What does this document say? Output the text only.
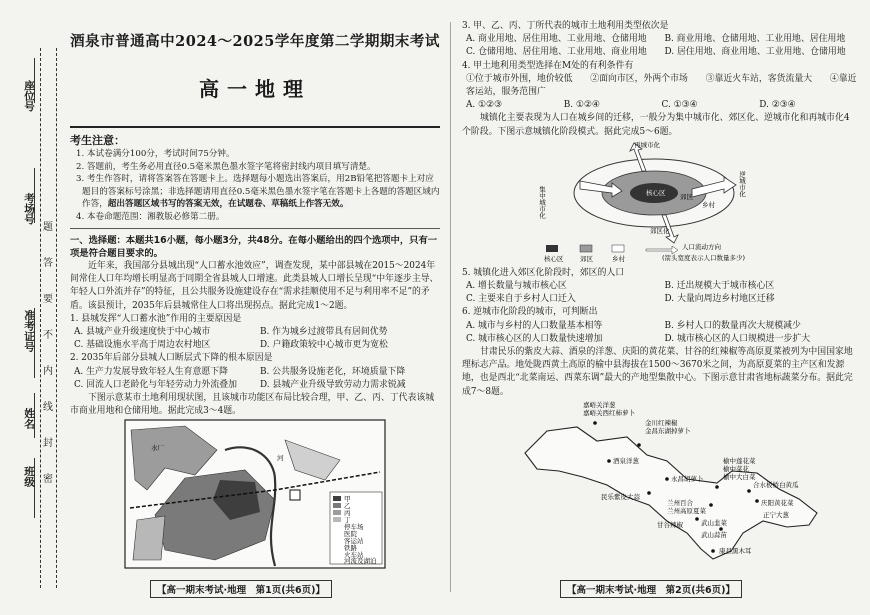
座位号
考场号
准考证号
姓名
班级
题
答
要
不
内
线
封
密
酒泉市普通高中2024～2025学年度第二学期期末考试
高一地理
考生注意：
1. 本试卷满分100分，考试时间75分钟。
2. 答题前，考生务必用直径0.5毫米黑色墨水签字笔将密封线内项目填写清楚。
3. 考生作答时，请将答案答在答题卡上。选择题每小题选出答案后，用2B铅笔把答题卡上对应题目的答案标号涂黑；非选择题请用直径0.5毫米黑色墨水签字笔在答题卡上各题的答题区域内作答，超出答题区域书写的答案无效，在试题卷、草稿纸上作答无效。
4. 本卷命题范围：湘教版必修第二册。
一、选择题：本题共16小题，每小题3分，共48分。在每小题给出的四个选项中，只有一项是符合题目要求的。
近年来，我国部分县城出现“人口蓄水池效应”，调查发现，某中部县城在2015～2024年间常住人口年均增长明显高于同期全省县城人口增速。此类县城人口增长呈现“中年逐步主导、年轻人口外流并存”的特征，且公共服务设施建设存在“需求挂顺使用不足与利用率不足”的矛盾。该县预计，2035年后县城常住人口将出现拐点。据此完成1～2题。
1. 县城发挥“人口蓄水池”作用的主要原因是
A. 县城产业升级速度快于中心城市	B. 作为城乡过渡带具有居间优势
C. 基础设施水平高于周边农村地区	D. 户籍政策较中心城市更为宽松
2. 2035年后部分县城人口断层式下降的根本原因是
A. 生产力发展导致年轻人生育意愿下降	B. 公共服务设施老化，环境质量下降
C. 回流人口老龄化与年轻劳动力外流叠加	D. 县城产业升级导致劳动力需求锐减
下图示意某市土地利用现状图，且该城市功能区布局比较合理，甲、乙、丙、丁代表该城市商业用地和仓储用地。据此完成3～4题。
水厂
河
甲
乙
丙
丁
停车场
医院
客运站
铁路
火车站
河流及湖泊
【高一期末考试·地理　第1页(共6页)】
3. 甲、乙、丙、丁所代表的城市土地利用类型依次是
A. 商业用地、居住用地、工业用地、仓储用地	B. 商业用地、仓储用地、工业用地、居住用地
C. 仓储用地、居住用地、工业用地、商业用地	D. 居住用地、商业用地、工业用地、仓储用地
4. 甲土地利用类型选择在M处的有利条件有
①位于城市外围，地价较低　　②面向市区，外两个市场　　③靠近火车站，客货流量大　　④靠近客运站，服务范围广
A. ①②③	B. ①②④	C. ①③④	D. ②③④
城镇化主要表现为人口在城乡间的迁移，一般分为集中城市化、郊区化、逆城市化和再城市化4个阶段。下图示意城镇化阶段模式。据此完成5～6题。
再城市化
集中城市化
逆城市化
郊区化
核心区 郊区
乡村
核心区	郊区	乡村
人口流动方向
(箭头宽度表示人口数量多少)
5. 城镇化进入郊区化阶段时，郊区的人口
A. 增长数量与城市核心区	B. 迁出规模大于城市核心区
C. 主要来自于乡村人口迁入	D. 大量向周边乡村地区迁移
6. 逆城市化阶段的城市，可判断出
A. 城市与乡村的人口数量基本相等	B. 乡村人口的数量再次大规模减少
C. 城市核心区的人口数量快速增加	D. 城市核心区的人口规模进一步扩大
甘肃民乐的紫皮大蒜、酒泉的洋葱、庆阳的黄花菜、甘谷的红辣椒等高原夏菜被列为中国国家地理标志产品。地处陇西黄土高原的榆中县海拔在1500～3670米之间，为高原夏菜的主产区和发源地，也是西北“北菜南运、西菜东调”最大的产地型集散中心。下图示意甘肃省地标蔬菜分布。据此完成7～8题。
嘉峪关洋葱
嘉峪关西红柿萝卜
金川红辣椒
金昌东湖掉萝卜
酒泉洋葱
永昌胡萝卜
民乐紫皮大蒜
榆中莲花菜
榆中菜花
榆中大白菜
兰州百合
合水板桥白黄瓜
兰州高原夏菜
庆阳黄花菜
正宁大葱
甘谷辣椒	武山韭菜
武山蒜苗
康县黑木耳
【高一期末考试·地理　第2页(共6页)】
